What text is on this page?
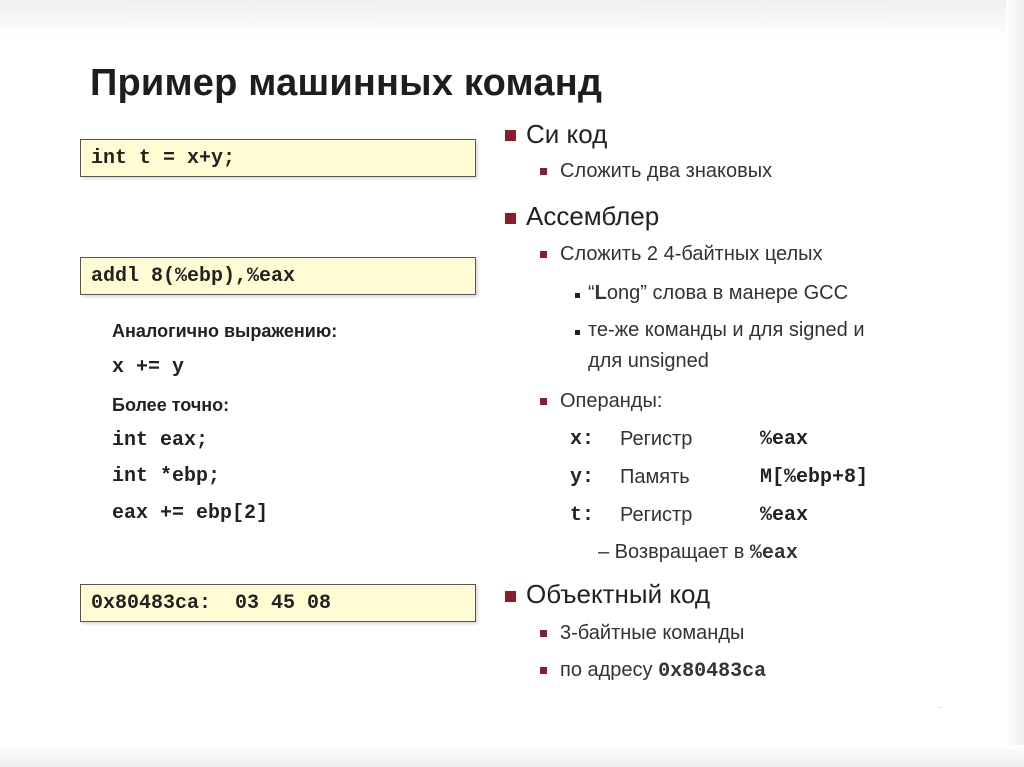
Пример машинных команд
int t = x+y;
addl 8(%ebp),%eax
Аналогично выражению:
x += y
Более точно:
int eax;
int *ebp;
eax += ebp[2]
0x80483ca:  03 45 08
Си код
Сложить два знаковых
Ассемблер
Сложить 2 4-байтных целых
“Long” слова в манере GCC
те-же команды и для signed и
для unsigned
Операнды:
x: Регистр	%eax
y: Память	M[%ebp+8]
t: Регистр	%eax
– Возвращает в %eax
Объектный код
3-байтные команды
по адресу 0x80483ca
..
